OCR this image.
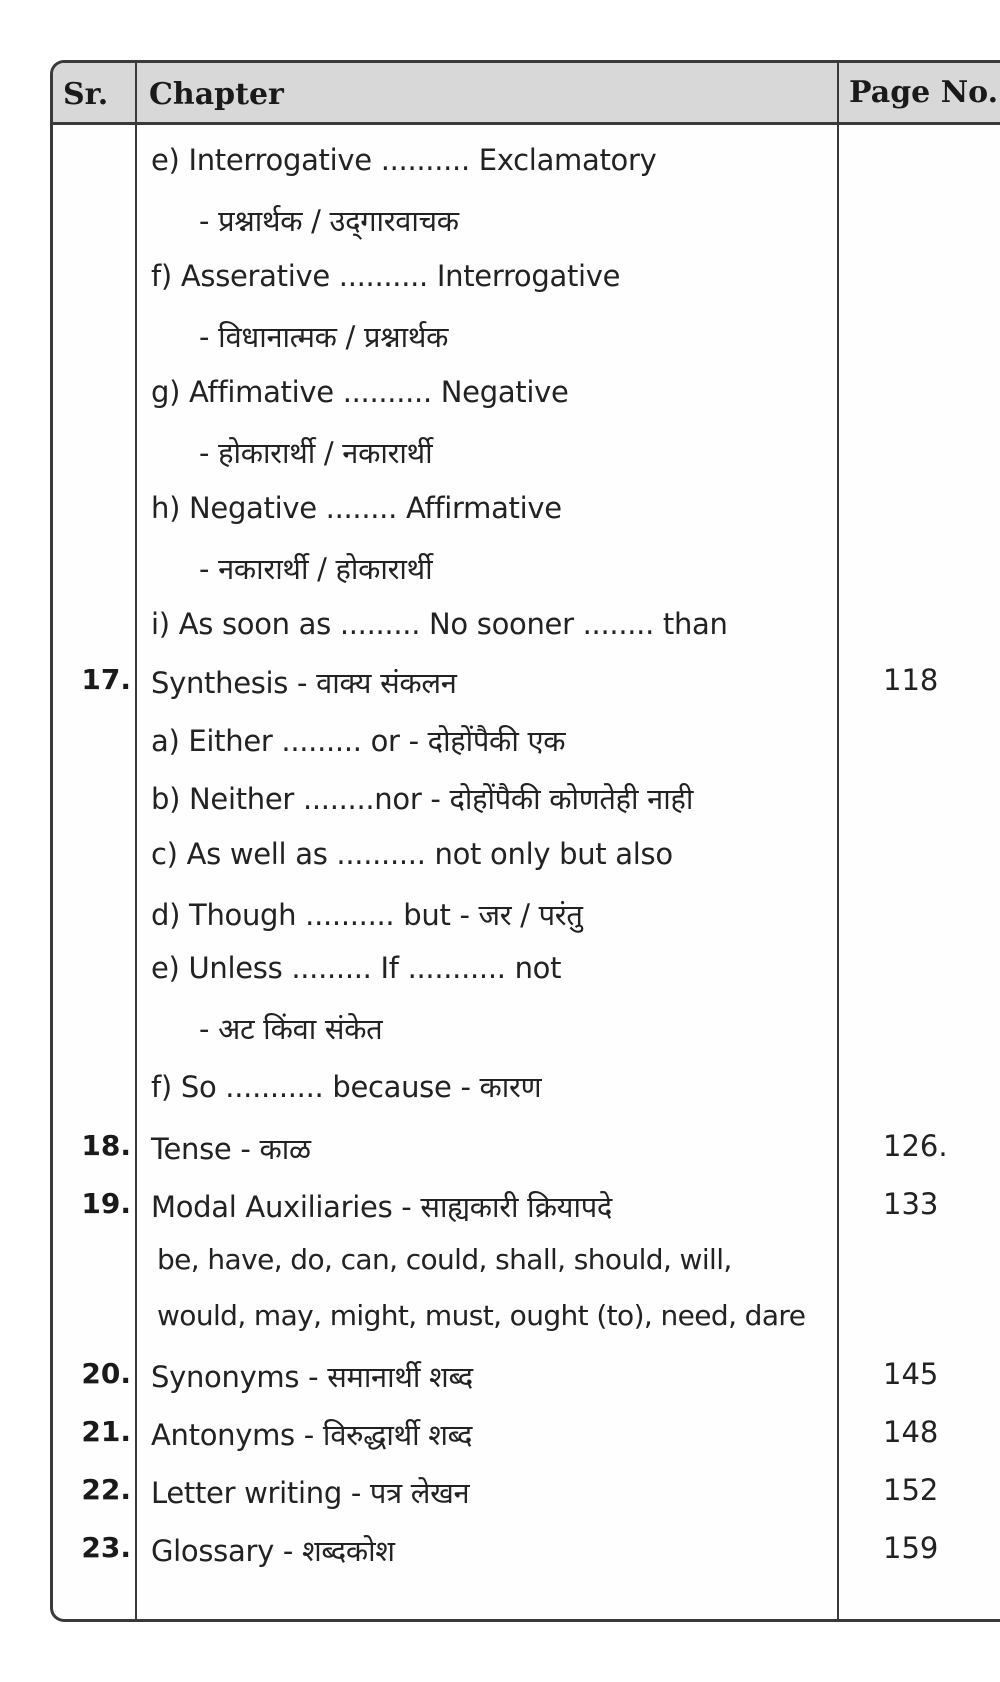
Sr. Chapter	Page No.
e) Interrogative .......... Exclamatory
- प्रश्नार्थक / उद्‌गारवाचक
f) Asserative .......... Interrogative
- विधानात्मक / प्रश्नार्थक
g) Affimative .......... Negative
- होकारार्थी / नकारार्थी
h) Negative ........ Affirmative
- नकारार्थी / होकारार्थी
i) As soon as ......... No sooner ........ than
17. Synthesis - वाक्य संकलन	118
a) Either ......... or - दोहोंपैकी एक
b) Neither ........nor - दोहोंपैकी कोणतेही नाही
c) As well as .......... not only but also
d) Though .......... but - जर / परंतु
e) Unless ......... If ........... not
- अट किंवा संकेत
f) So ........... because - कारण
18. Tense - काळ	126.
19. Modal Auxiliaries - साह्यकारी क्रियापदे	133
be, have, do, can, could, shall, should, will,
would, may, might, must, ought (to), need, dare
20. Synonyms - समानार्थी शब्द	145
21. Antonyms - विरुद्धार्थी शब्द	148
22. Letter writing - पत्र लेखन	152
23. Glossary - शब्दकोश	159
